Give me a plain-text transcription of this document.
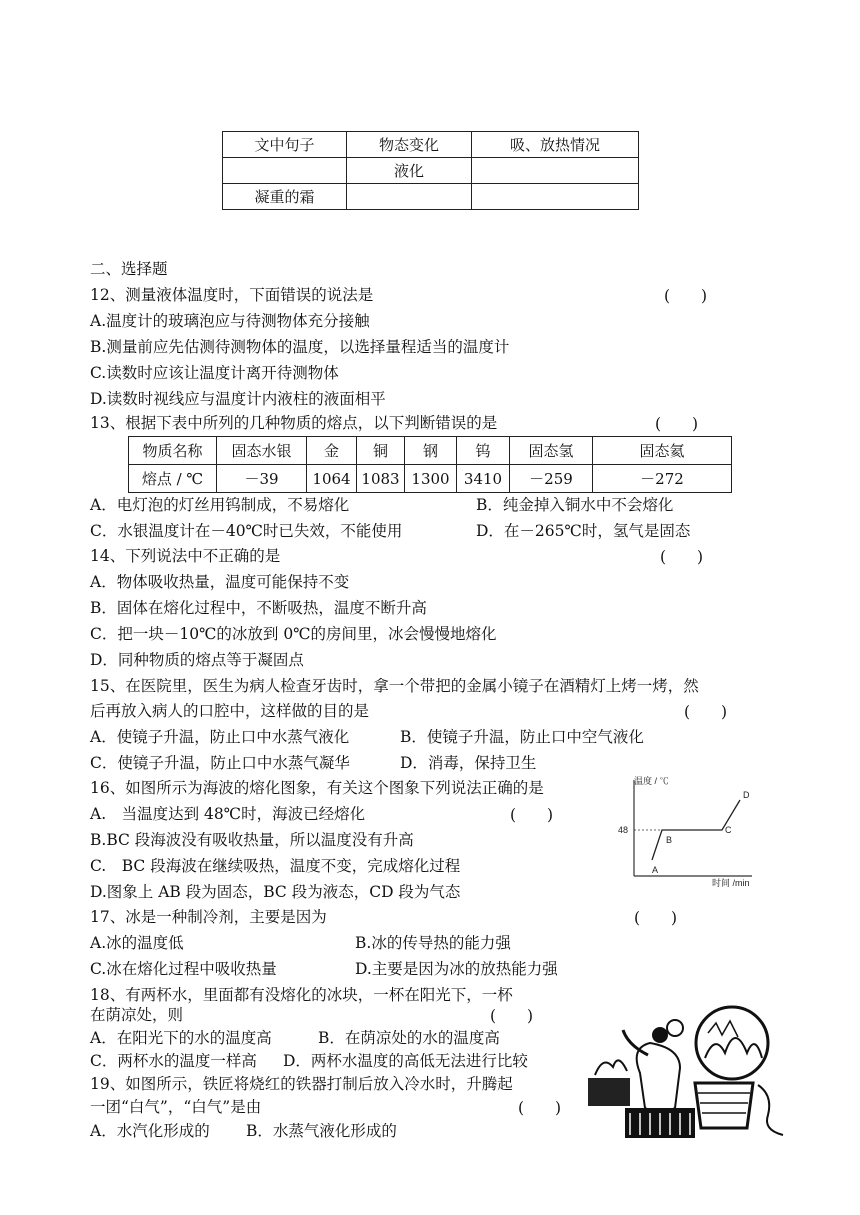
文中句子	物态变化	吸、放热情况
	液化	
凝重的霜		
二、选择题
12、测量液体温度时，下面错误的说法是	(　　)
A.温度计的玻璃泡应与待测物体充分接触
B.测量前应先估测待测物体的温度，以选择量程适当的温度计
C.读数时应该让温度计离开待测物体
D.读数时视线应与温度计内液柱的液面相平
13、根据下表中所列的几种物质的熔点，以下判断错误的是	(　　)
物质名称	固态水银	金	铜	钢	钨	固态氢	固态氦
熔点 / ℃	－39	1064	1083	1300	3410	－259	－272
A．电灯泡的灯丝用钨制成，不易熔化	B．纯金掉入铜水中不会熔化
C．水银温度计在－40℃时已失效，不能使用	D．在－265℃时，氢气是固态
14、下列说法中不正确的是	(　　)
A．物体吸收热量，温度可能保持不变
B．固体在熔化过程中，不断吸热，温度不断升高
C．把一块－10℃的冰放到 0℃的房间里，冰会慢慢地熔化
D．同种物质的熔点等于凝固点
15、在医院里，医生为病人检查牙齿时，拿一个带把的金属小镜子在酒精灯上烤一烤，然
后再放入病人的口腔中，这样做的目的是	(　　)
A．使镜子升温，防止口中水蒸气液化	B．使镜子升温，防止口中空气液化
C．使镜子升温，防止口中水蒸气凝华	D．消毒，保持卫生
16、如图所示为海波的熔化图象，有关这个图象下列说法正确的是
A.　当温度达到 48℃时，海波已经熔化	(　　)
B.BC 段海波没有吸收热量，所以温度没有升高
C.　BC 段海波在继续吸热，温度不变，完成熔化过程
D.图象上 AB 段为固态，BC 段为液态，CD 段为气态
温度 / ℃
时间 /min
48
A
B
C
D
17、冰是一种制冷剂，主要是因为	(　　)
A.冰的温度低	B.冰的传导热的能力强
C.冰在熔化过程中吸收热量	D.主要是因为冰的放热能力强
18、有两杯水，里面都有没熔化的冰块，一杯在阳光下，一杯
在荫凉处，则	(　　)
A．在阳光下的水的温度高	B．在荫凉处的水的温度高
C．两杯水的温度一样高 D．两杯水温度的高低无法进行比较
19、如图所示，铁匠将烧红的铁器打制后放入冷水时，升腾起
一团“白气”，“白气”是由	(　　)
A．水汽化形成的 B．水蒸气液化形成的
